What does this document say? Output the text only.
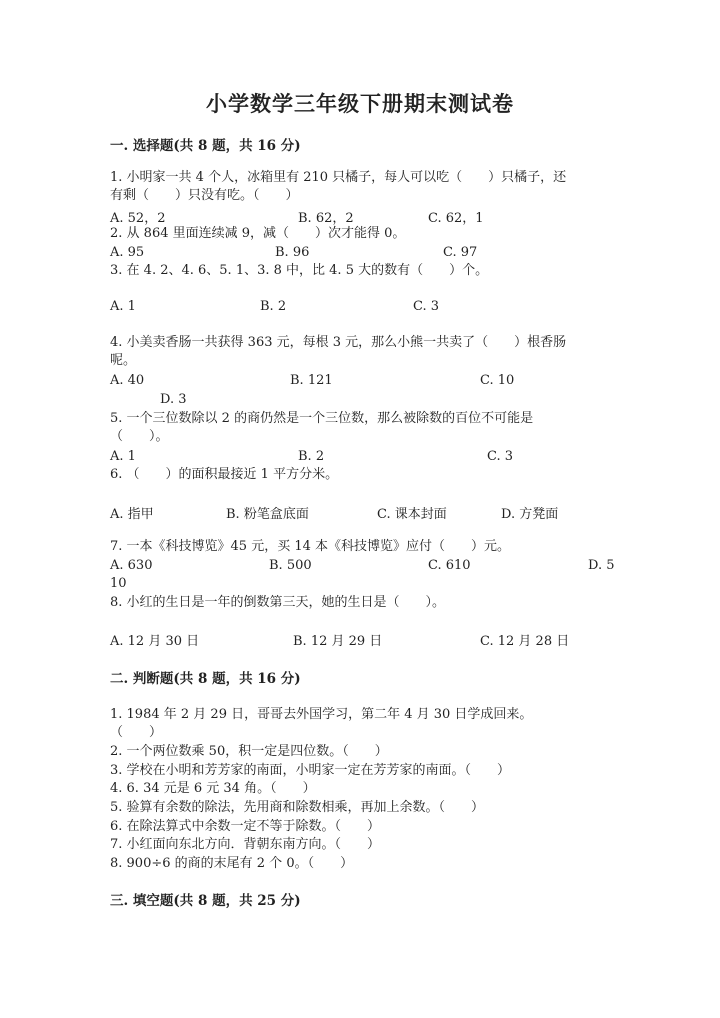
小学数学三年级下册期末测试卷
一. 选择题(共 8 题，共 16 分)
1. 小明家一共 4 个人，冰箱里有 210 只橘子，每人可以吃（　　）只橘子，还
有剩（　　）只没有吃。（　　）
A. 52，2	B. 62，2	C. 62，1
2. 从 864 里面连续减 9，减（　　）次才能得 0。
A. 95	B. 96	C. 97
3. 在 4. 2、4. 6、5. 1、3. 8 中，比 4. 5 大的数有（　　）个。
A. 1	B. 2	C. 3
4. 小美卖香肠一共获得 363 元，每根 3 元，那么小熊一共卖了（　　）根香肠
呢。
A. 40	B. 121	C. 10
D. 3
5. 一个三位数除以 2 的商仍然是一个三位数，那么被除数的百位不可能是
（　　）。
A. 1	B. 2	C. 3
6. （　　）的面积最接近 1 平方分米。
A. 指甲	B. 粉笔盒底面	C. 课本封面	D. 方凳面
7. 一本《科技博览》45 元，买 14 本《科技博览》应付（　　）元。
A. 630	B. 500	C. 610	D. 5
10
8. 小红的生日是一年的倒数第三天，她的生日是（　　）。
A. 12 月 30 日	B. 12 月 29 日	C. 12 月 28 日
二. 判断题(共 8 题，共 16 分)
1. 1984 年 2 月 29 日，哥哥去外国学习，第二年 4 月 30 日学成回来。
（　　）
2. 一个两位数乘 50，积一定是四位数。（　　）
3. 学校在小明和芳芳家的南面，小明家一定在芳芳家的南面。（　　）
4. 6. 34 元是 6 元 34 角。（　　）
5. 验算有余数的除法，先用商和除数相乘，再加上余数。（　　）
6. 在除法算式中余数一定不等于除数。（　　）
7. 小红面向东北方向．背朝东南方向。（　　）
8. 900÷6 的商的末尾有 2 个 0。（　　）
三. 填空题(共 8 题，共 25 分)
